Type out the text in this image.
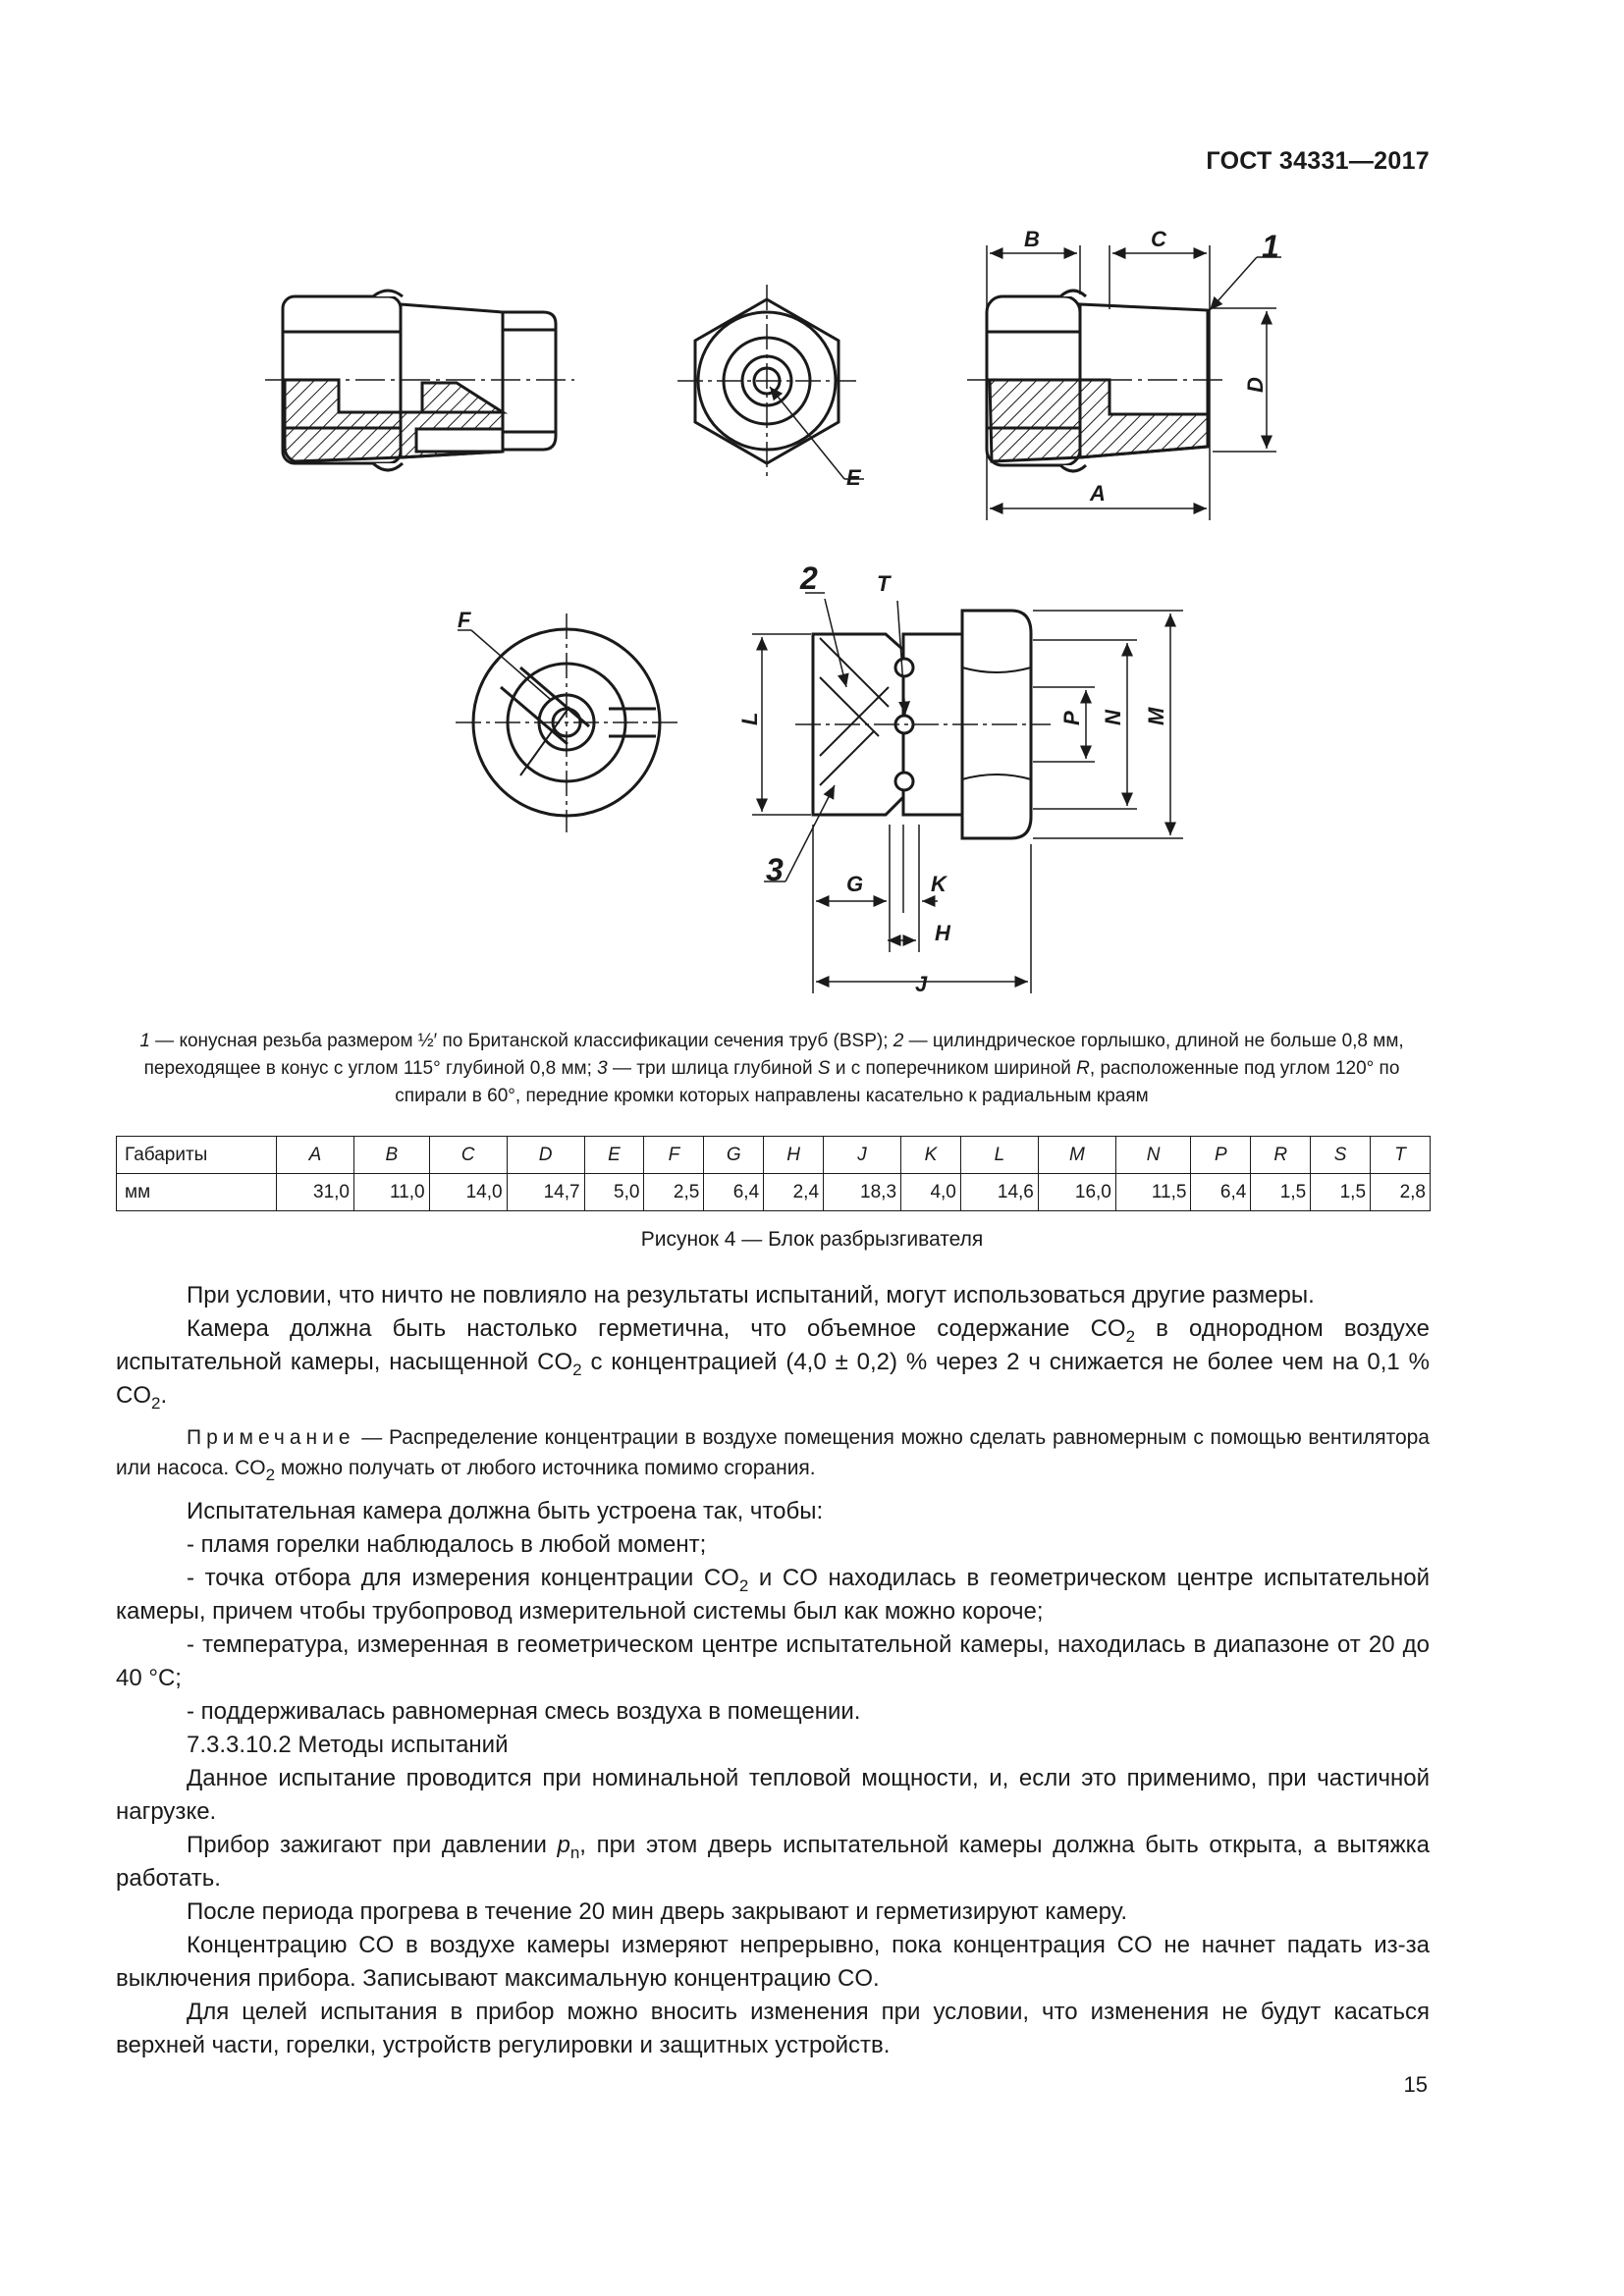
ГОСТ 34331—2017
B	C	1
D
A
E
F
2	T
L	P N M
3	G	K
H
J
1 — конусная резьба размером ½′ по Британской классификации сечения труб (BSP); 2 — цилиндрическое горлышко, длиной не больше 0,8 мм, переходящее в конус с углом 115° глубиной 0,8 мм; 3 — три шлица глубиной S и с поперечником шириной R, расположенные под углом 120° по спирали в 60°, передние кромки которых направлены касательно к радиальным краям
Габариты	A	B	C	D	E	F	G	H	J	K	L	M	N	P	R	S	T
мм	31,0	11,0	14,0	14,7	5,0	2,5	6,4	2,4	18,3	4,0	14,6	16,0	11,5	6,4	1,5	1,5	2,8
Рисунок 4 — Блок разбрызгивателя

При условии, что ничто не повлияло на результаты испытаний, могут использоваться другие размеры.

Камера должна быть настолько герметична, что объемное содержание $CO_2$ в однородном воздухе испытательной камеры, насыщенной $CO_2$ с концентрацией (4,0 ± 0,2) % через 2 ч снижается не более чем на 0,1 % $CO_2$.

Примечание — Распределение концентрации в воздухе помещения можно сделать равномерным с помощью вентилятора или насоса. $CO_2$ можно получать от любого источника помимо сгорания.

Испытательная камера должна быть устроена так, чтобы:

- пламя горелки наблюдалось в любой момент;

- точка отбора для измерения концентрации $CO_2$ и CO находилась в геометрическом центре испытательной камеры, причем чтобы трубопровод измерительной системы был как можно короче;

- температура, измеренная в геометрическом центре испытательной камеры, находилась в диапазоне от 20 до 40 °C;

- поддерживалась равномерная смесь воздуха в помещении.

7.3.3.10.2 Методы испытаний

Данное испытание проводится при номинальной тепловой мощности, и, если это применимо, при частичной нагрузке.

Прибор зажигают при давлении $p_n$, при этом дверь испытательной камеры должна быть открыта, а вытяжка работать.

После периода прогрева в течение 20 мин дверь закрывают и герметизируют камеру.

Концентрацию CO в воздухе камеры измеряют непрерывно, пока концентрация CO не начнет падать из-за выключения прибора. Записывают максимальную концентрацию CO.

Для целей испытания в прибор можно вносить изменения при условии, что изменения не будут касаться верхней части, горелки, устройств регулировки и защитных устройств.

15
